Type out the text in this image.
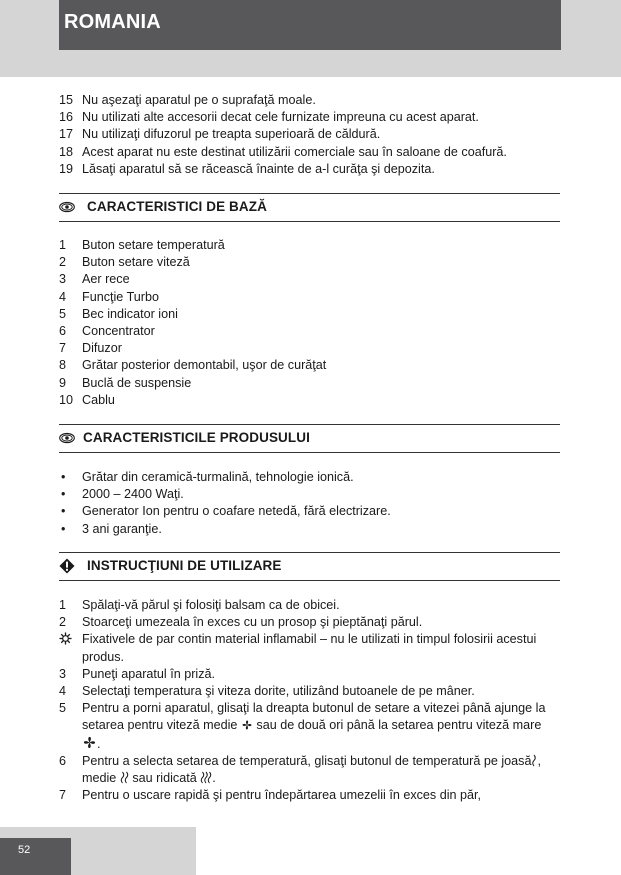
ROMANIA
15 Nu aşezaţi aparatul pe o suprafaţă moale.
16 Nu utilizati alte accesorii decat cele furnizate impreuna cu acest aparat.
17 Nu utilizaţi difuzorul pe treapta superioară de căldură.
18 Acest aparat nu este destinat utilizării comerciale sau în saloane de coafură.
19 Lăsaţi aparatul să se răcească înainte de a-l curăţa şi depozita.
CARACTERISTICI DE BAZĂ
1	Buton setare temperatură
2	Buton setare viteză
3	Aer rece
4	Funcţie Turbo
5	Bec indicator ioni
6	Concentrator
7	Difuzor
8	Grătar posterior demontabil, uşor de curăţat
9	Buclă de suspensie
10 Cablu
CARACTERISTICILE PRODUSULUI
•	Grătar din ceramică-turmalină, tehnologie ionică.
•	2000 – 2400 Waţi.
•	Generator Ion pentru o coafare netedă, fără electrizare.
•	3 ani garanţie.
INSTRUCŢIUNI DE UTILIZARE
1	Spălaţi-vă părul şi folosiţi balsam ca de obicei.
2	Stoarceţi umezeala în exces cu un prosop şi pieptănaţi părul.
Fixativele de par contin material inflamabil – nu le utilizati in timpul folosirii acestui produs.
3	Puneţi aparatul în priză.
4	Selectaţi temperatura şi viteza dorite, utilizând butoanele de pe mâner.
5	Pentru a porni aparatul, glisaţi la dreapta butonul de setare a vitezei până ajunge la setarea pentru viteză medie sau de două ori până la setarea pentru viteză mare .
6	Pentru a selecta setarea de temperatură, glisaţi butonul de temperatură pe joasă , medie sau ridicată .
7	Pentru o uscare rapidă şi pentru îndepărtarea umezelii în exces din păr,
52
